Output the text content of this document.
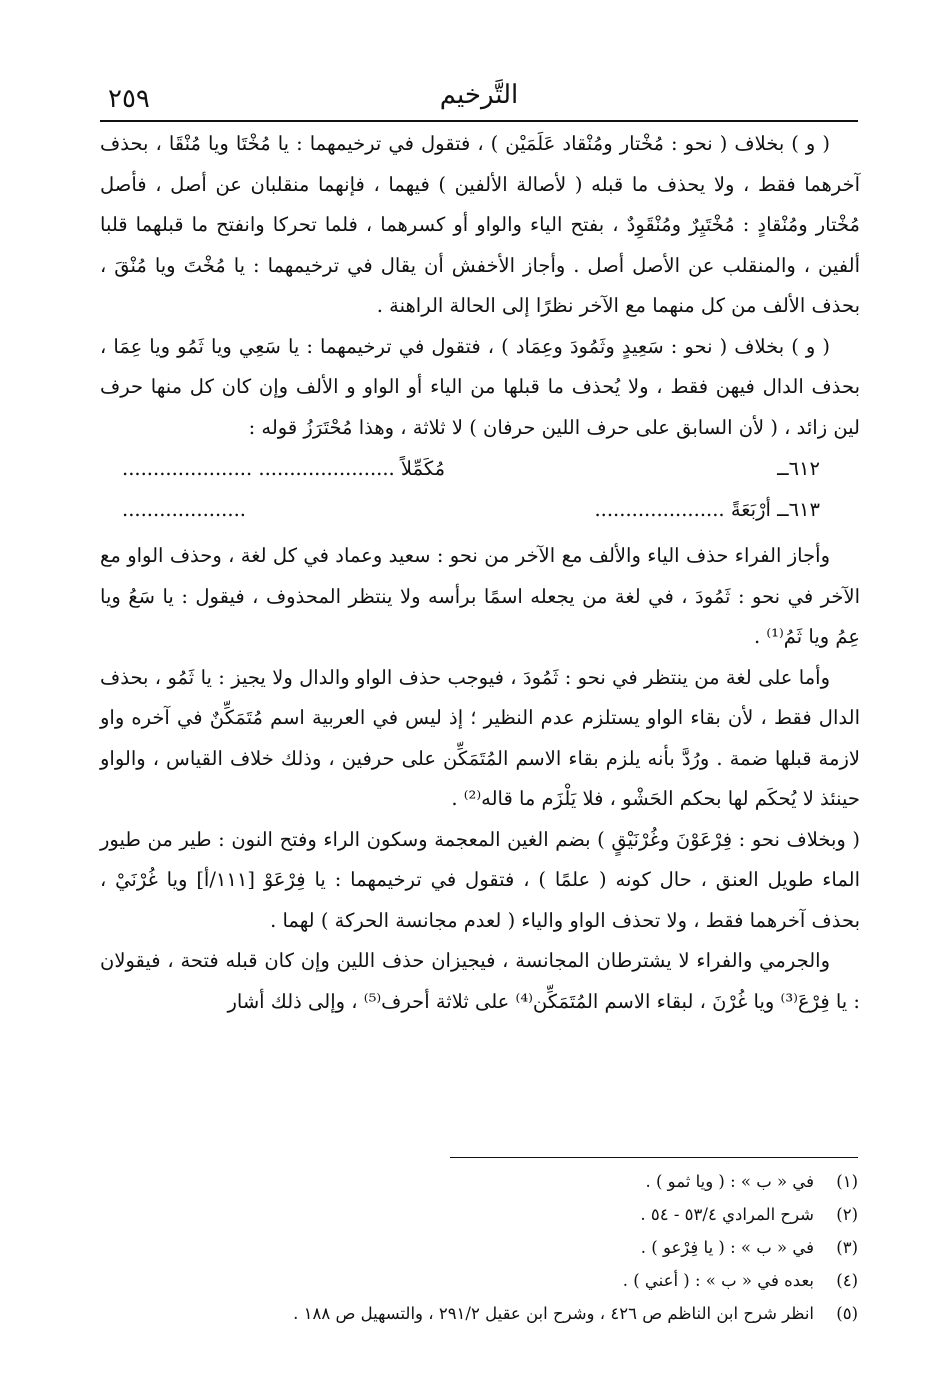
٢٥٩	التَّرخيم

( و ) بخلاف ( نحو : مُخْتار ومُنْقاد عَلَمَيْن ) ، فتقول في ترخيمهما : يا مُخْتَا ويا مُنْقَا ، بحذف آخرهما فقط ، ولا يحذف ما قبله ( لأصالة الألفين ) فيهما ، فإنهما منقلبان عن أصل ، فأصل مُخْتار ومُنْقادٍ : مُخْتَيِرٌ ومُنْقَوِدٌ ، بفتح الياء والواو أو كسرهما ، فلما تحركا وانفتح ما قبلهما قلبا ألفين ، والمنقلب عن الأصل أصل . وأجاز الأخفش أن يقال في ترخيمهما : يا مُخْتَ ويا مُنْقَ ، بحذف الألف من كل منهما مع الآخر نظرًا إلى الحالة الراهنة .

( و ) بخلاف ( نحو : سَعِيدٍ وثَمُودَ وعِمَاد ) ، فتقول في ترخيمهما : يا سَعِي ويا ثَمُو ويا عِمَا ، بحذف الدال فيهن فقط ، ولا يُحذف ما قبلها من الياء أو الواو و الألف وإن كان كل منها حرف لين زائد ، ( لأن السابق على حرف اللين حرفان ) لا ثلاثة ، وهذا مُحْتَرَزُ قوله :

٦١٢ــ
مُكَمِّلاً ...................... .....................
٦١٣ــ أرْبَعَةً .....................
....................

وأجاز الفراء حذف الياء والألف مع الآخر من نحو : سعيد وعماد في كل لغة ، وحذف الواو مع الآخر في نحو : ثَمُودَ ، في لغة من يجعله اسمًا برأسه ولا ينتظر المحذوف ، فيقول : يا سَعُ ويا عِمُ ويا ثَمُ⁽¹⁾ .

وأما على لغة من ينتظر في نحو : ثَمُودَ ، فيوجب حذف الواو والدال ولا يجيز : يا ثَمُو ، بحذف الدال فقط ، لأن بقاء الواو يستلزم عدم النظير ؛ إذ ليس في العربية اسم مُتَمَكِّنٌ في آخره واو لازمة قبلها ضمة . ورُدَّ بأنه يلزم بقاء الاسم المُتَمَكِّن على حرفين ، وذلك خلاف القياس ، والواو حينئذ لا يُحكَم لها بحكم الحَشْو ، فلا يَلْزَم ما قاله⁽²⁾ .

( وبخلاف نحو : فِرْعَوْنَ وغُرْنَيْقٍ ) بضم الغين المعجمة وسكون الراء وفتح النون : طير من طيور الماء طويل العنق ، حال كونه ( علمًا ) ، فتقول في ترخيمهما : يا فِرْعَوْ [١١١/أ] ويا غُرْنَيْ ، بحذف آخرهما فقط ، ولا تحذف الواو والياء ( لعدم مجانسة الحركة ) لهما .

والجرمي والفراء لا يشترطان المجانسة ، فيجيزان حذف اللين وإن كان قبله فتحة ، فيقولان : يا فِرْعَ⁽³⁾ ويا غُرْنَ ، لبقاء الاسم المُتَمَكِّن⁽⁴⁾ على ثلاثة أحرف⁽⁵⁾ ، وإلى ذلك أشار

(١)
في « ب » : ( ويا ثمو ) .
(٢)
شرح المرادي ٥٣/٤ - ٥٤ .
(٣)
في « ب » : ( يا فِرْعو ) .
(٤)
بعده في « ب » : ( أعني ) .
(٥)
انظر شرح ابن الناظم ص ٤٢٦ ، وشرح ابن عقيل ٢٩١/٢ ، والتسهيل ص ١٨٨ .
